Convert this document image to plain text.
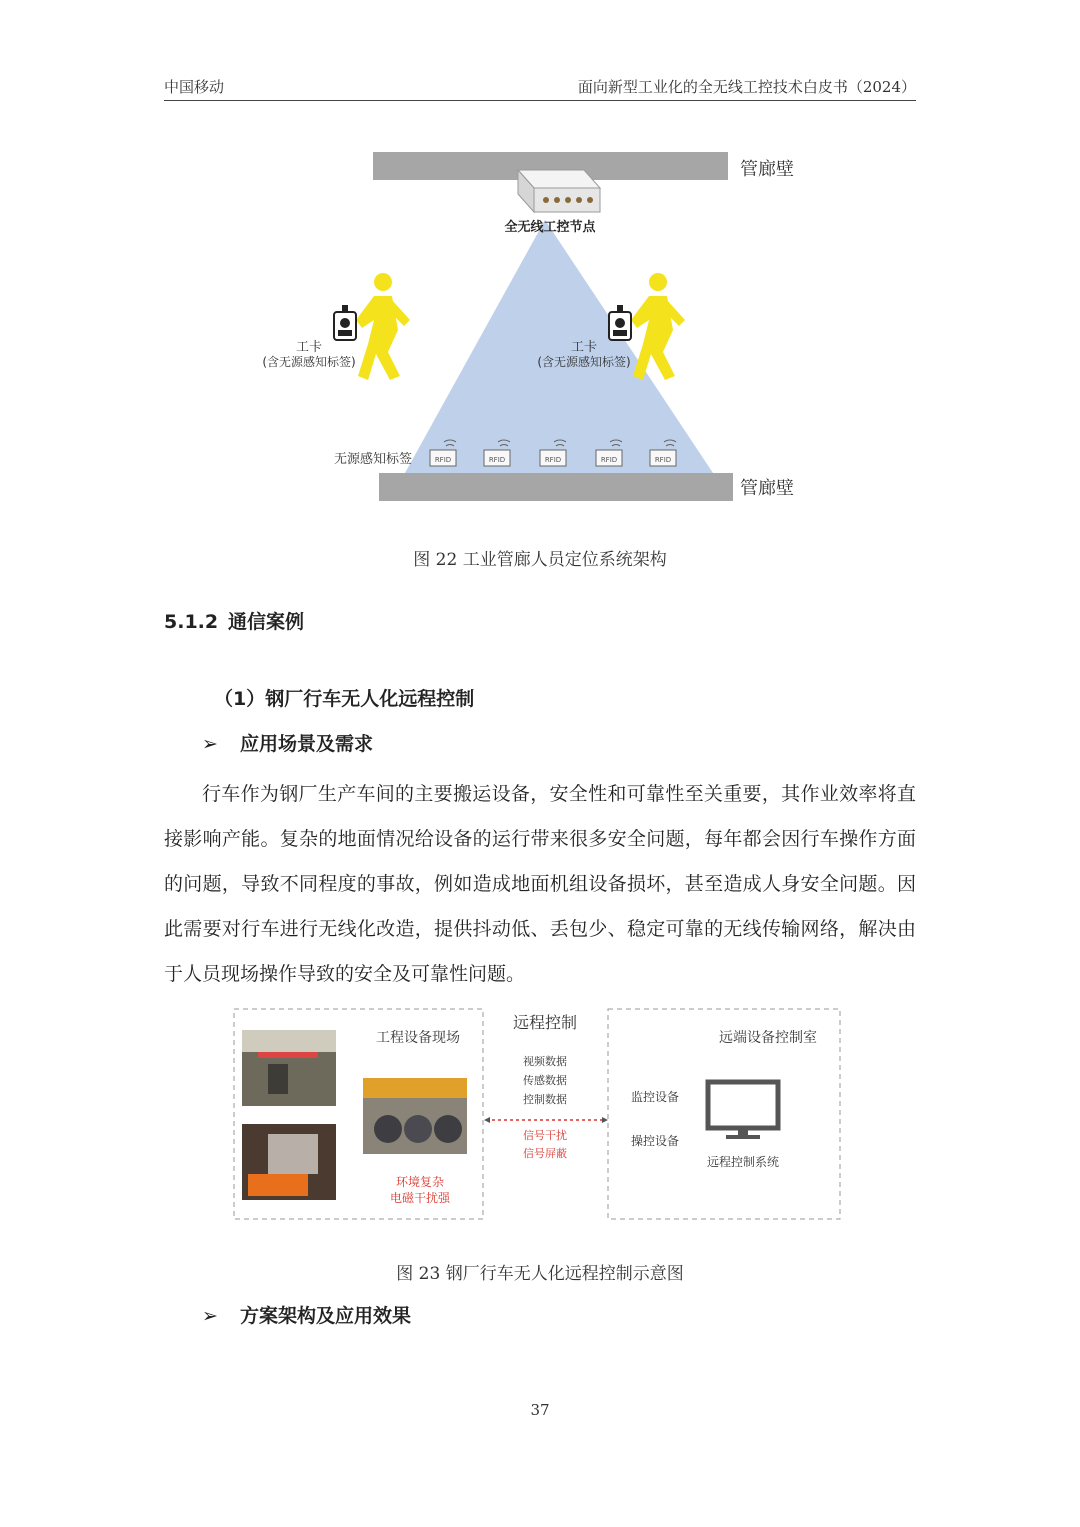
中国移动	面向新型工业化的全无线工控技术白皮书（2024）
管廊壁
管廊壁
全无线工控节点
工卡
(含无源感知标签)
工卡
(含无源感知标签)
无源感知标签	RFID	RFID	RFID	RFID	RFID
图 22 工业管廊人员定位系统架构
5.1.2 通信案例
（1）钢厂行车无人化远程控制
➢ 应用场景及需求

行车作为钢厂生产车间的主要搬运设备，安全性和可靠性至关重要，其作业效率将直接影响产能。复杂的地面情况给设备的运行带来很多安全问题，每年都会因行车操作方面的问题，导致不同程度的事故，例如造成地面机组设备损坏，甚至造成人身安全问题。因此需要对行车进行无线化改造，提供抖动低、丢包少、稳定可靠的无线传输网络，解决由于人员现场操作导致的安全及可靠性问题。

工程设备现场
环境复杂
电磁干扰强
远程控制
视频数据
传感数据
控制数据
信号干扰
信号屏蔽
远端设备控制室
监控设备
操控设备
远程控制系统
图 23 钢厂行车无人化远程控制示意图
➢ 方案架构及应用效果
37
